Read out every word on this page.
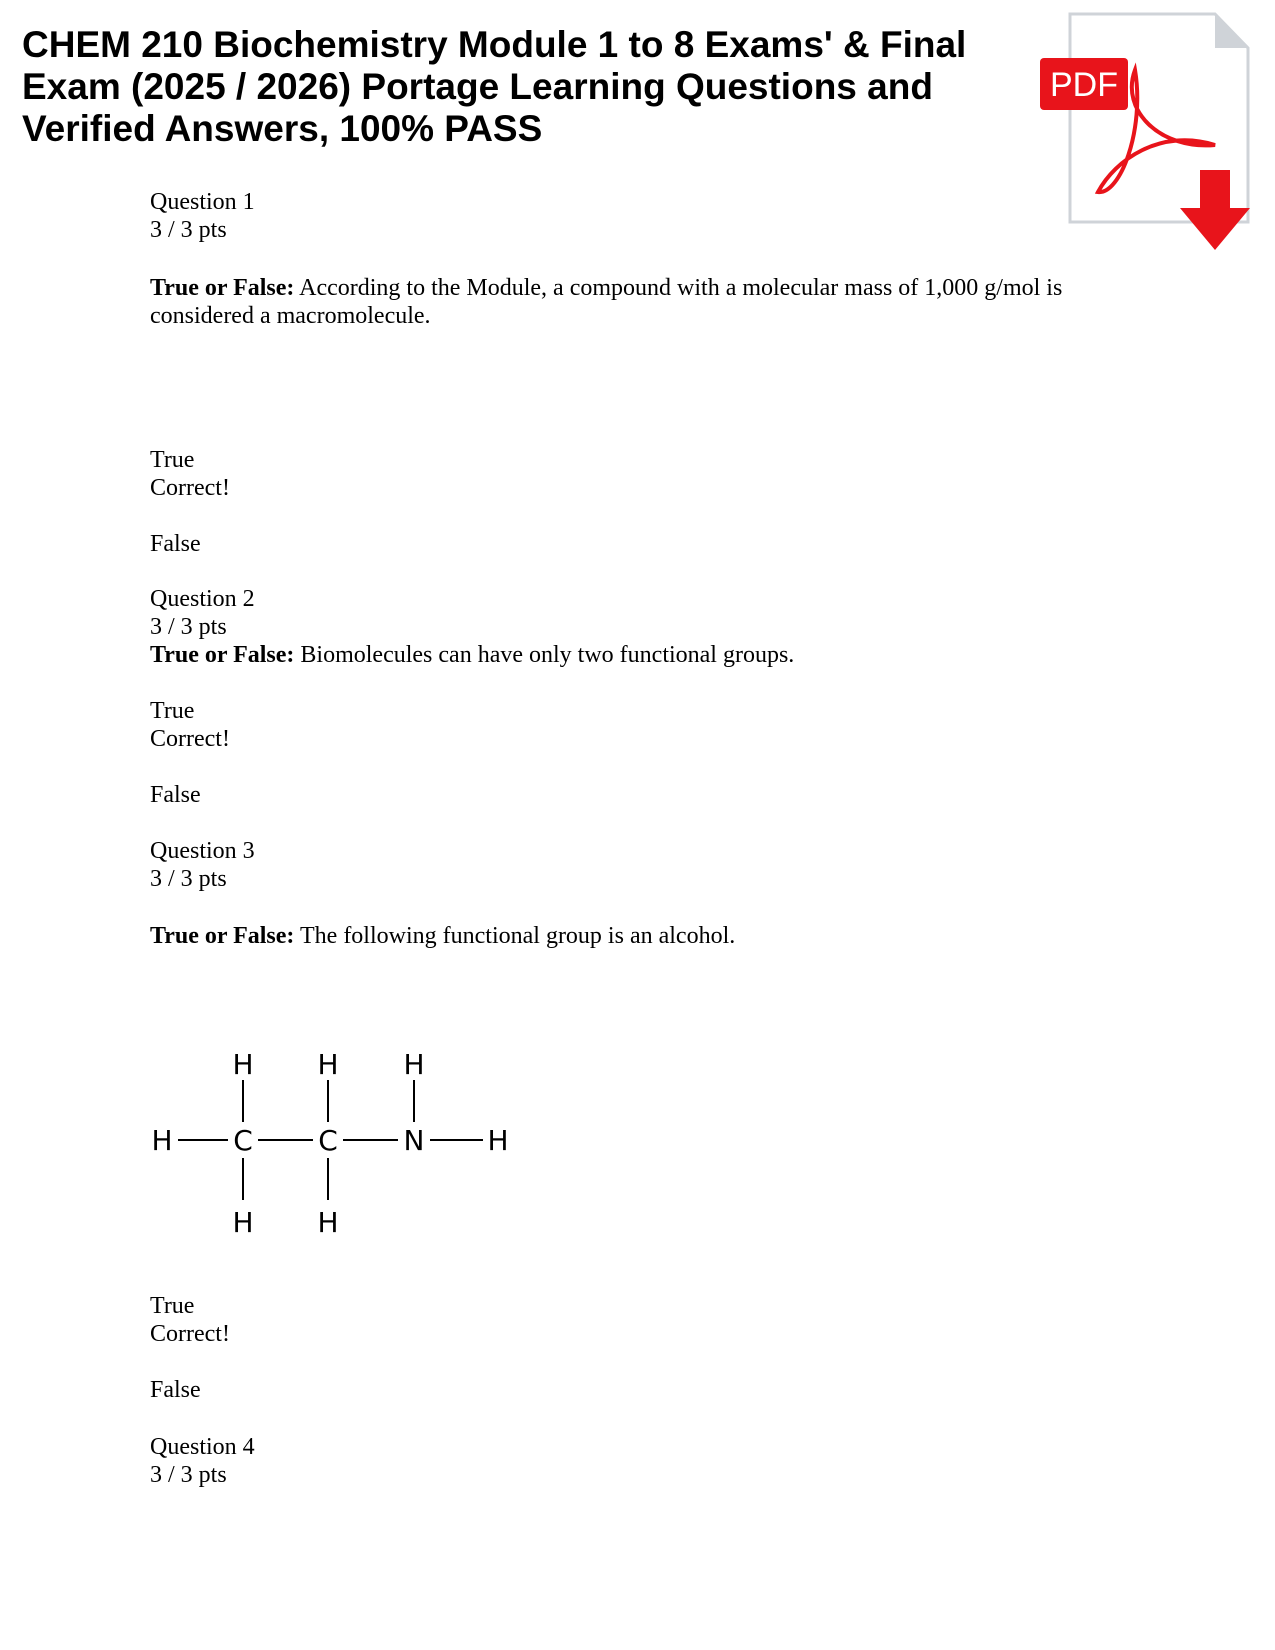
CHEM 210 Biochemistry Module 1 to 8 Exams' & Final Exam (2025 / 2026) Portage Learning Questions and Verified Answers, 100% PASS
PDF
Question 1
3 / 3 pts
True or False: According to the Module, a compound with a molecular mass of 1,000 g/mol is considered a macromolecule.
True
Correct!
False
Question 2
3 / 3 pts
True or False: Biomolecules can have only two functional groups.
True
Correct!
False
Question 3
3 / 3 pts
True or False: The following functional group is an alcohol.
True
Correct!
False
Question 4
3 / 3 pts
H C C N H
H H H
H H
